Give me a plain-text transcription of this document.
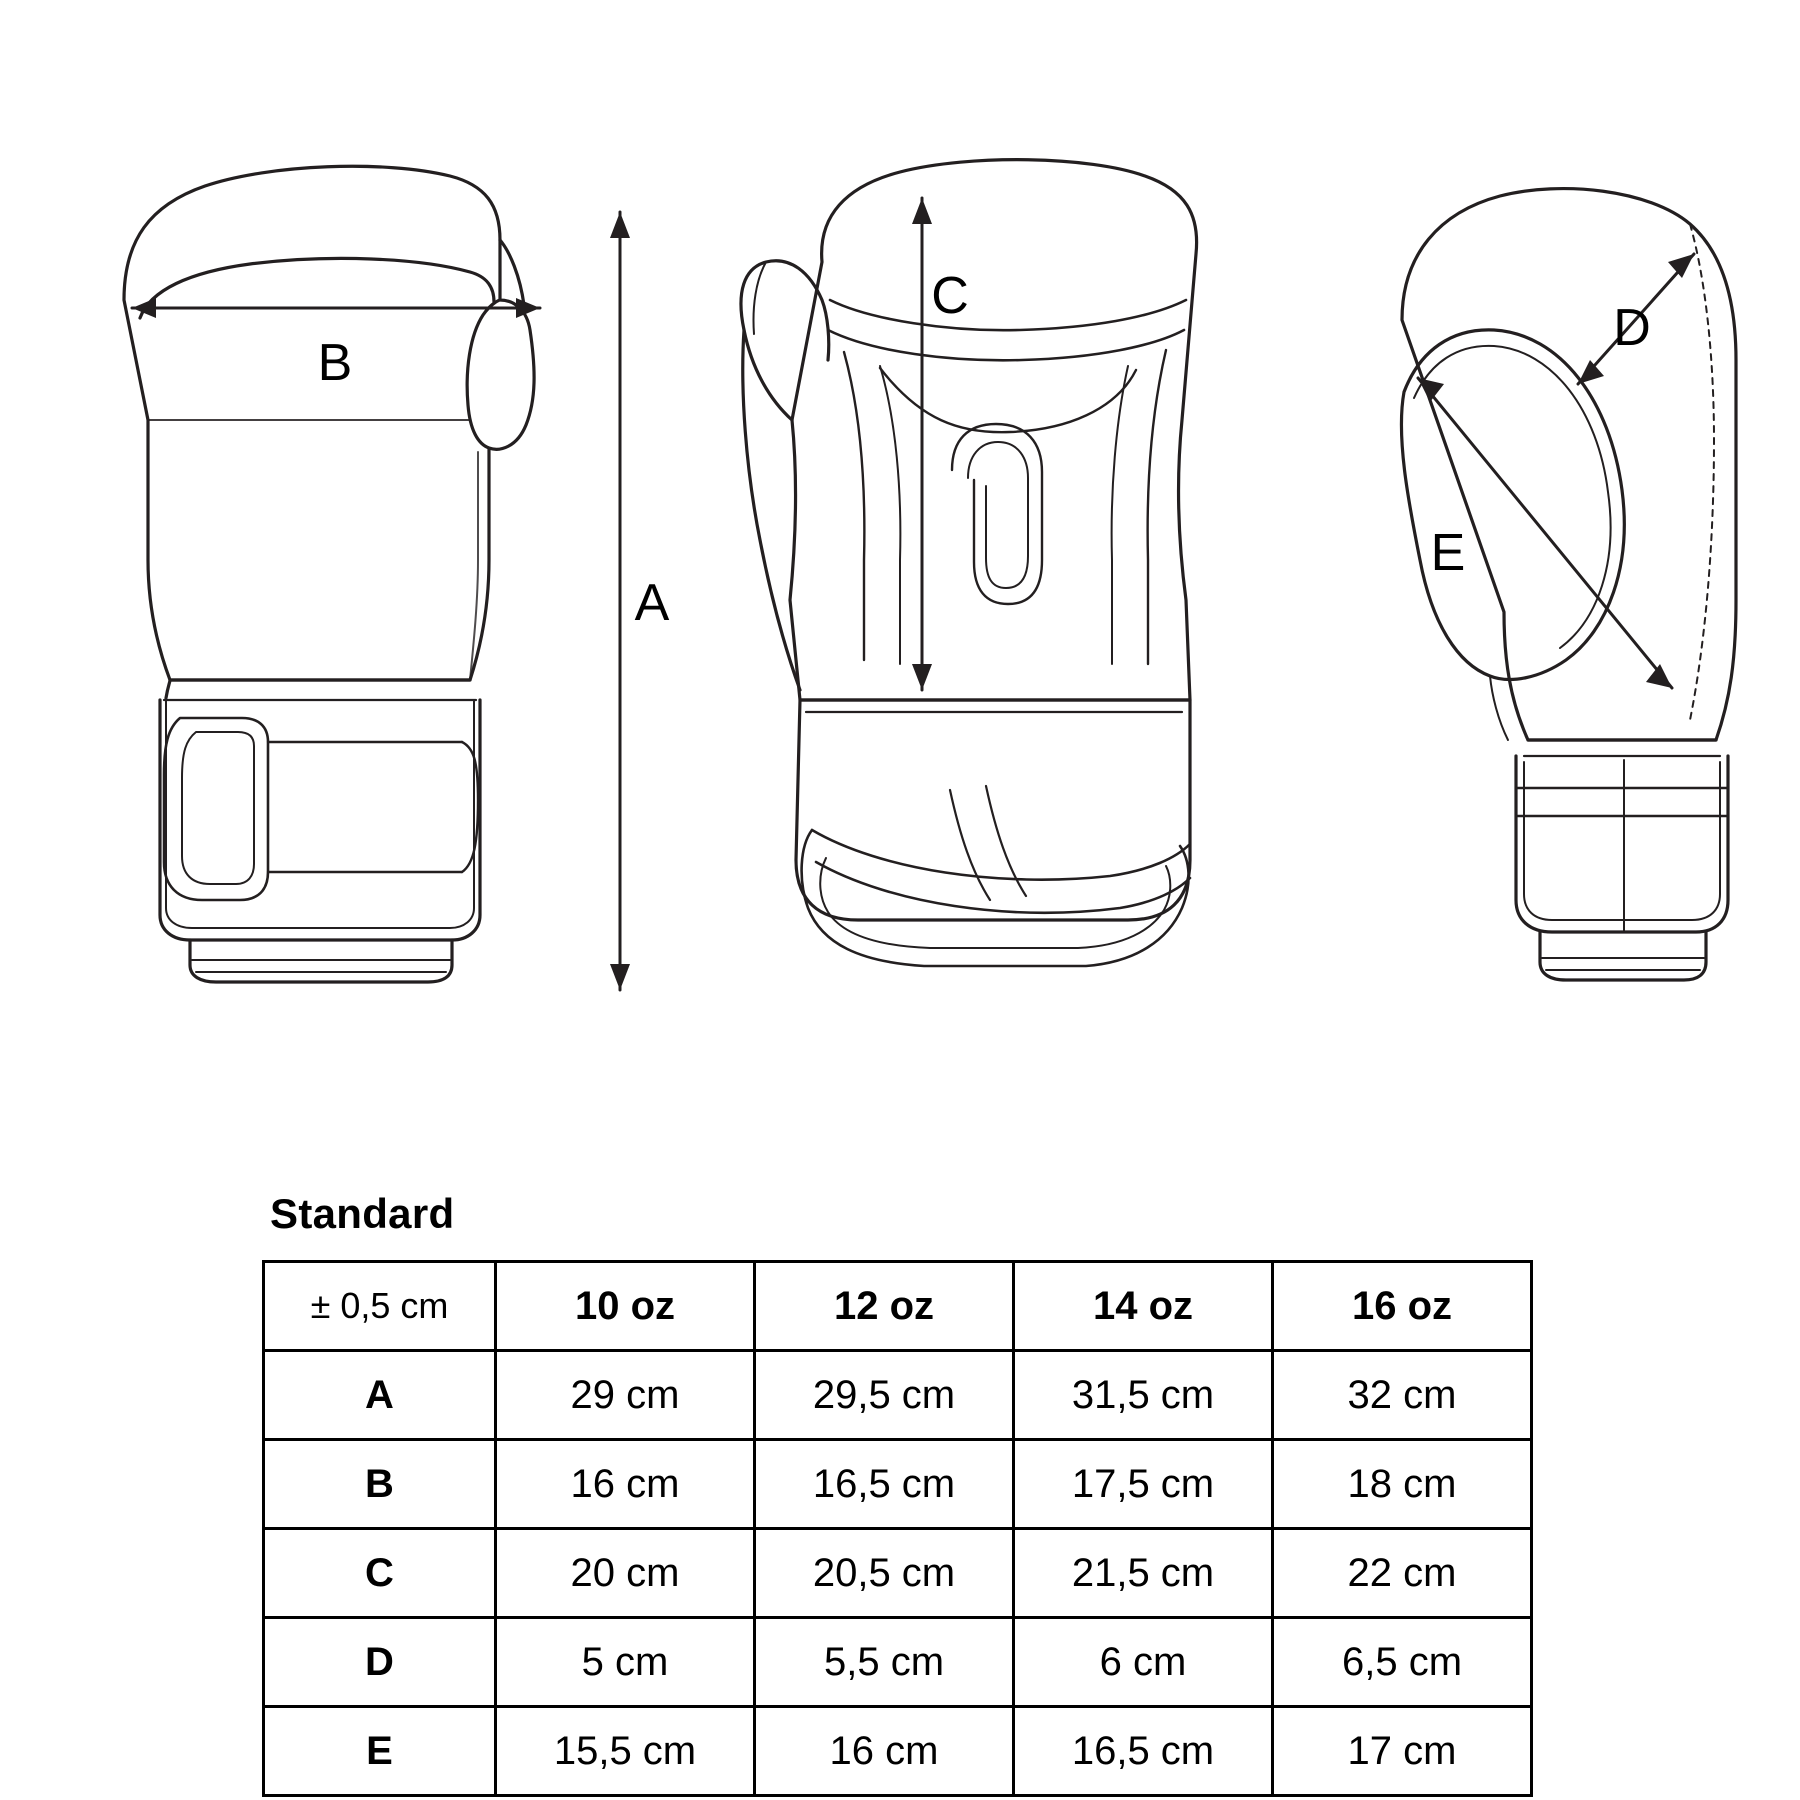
B
A
C
D
E
Standard
± 0,5 cm	10 oz	12 oz	14 oz	16 oz
A	29 cm	29,5 cm	31,5 cm	32 cm
B	16 cm	16,5 cm	17,5 cm	18 cm
C	20 cm	20,5 cm	21,5 cm	22 cm
D	5 cm	5,5 cm	6 cm	6,5 cm
E	15,5 cm	16 cm	16,5 cm	17 cm
